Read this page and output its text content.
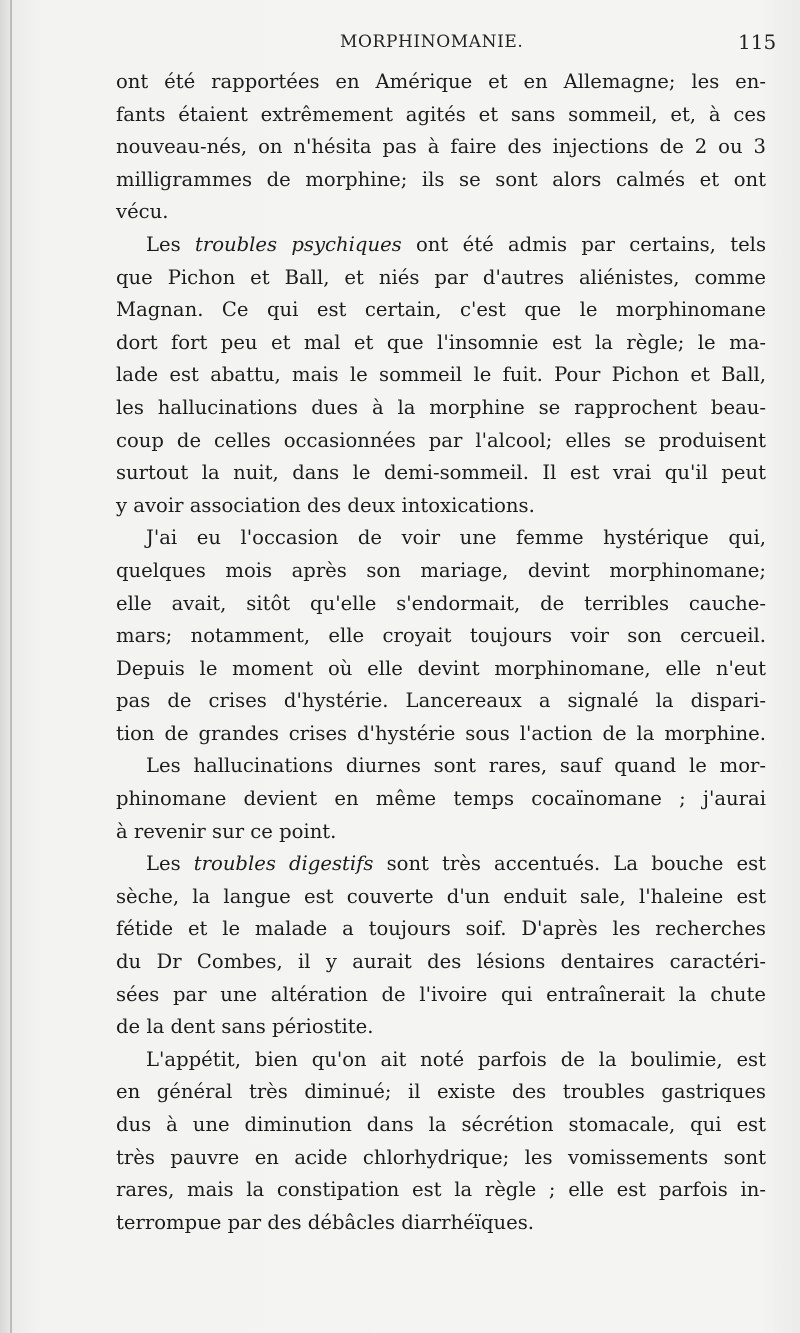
MORPHINOMANIE.	115
ont été rapportées en Amérique et en Allemagne; les en-
fants étaient extrêmement agités et sans sommeil, et, à ces
nouveau-nés, on n'hésita pas à faire des injections de 2 ou 3
milligrammes de morphine; ils se sont alors calmés et ont
vécu.
Les troubles psychiques ont été admis par certains, tels
que Pichon et Ball, et niés par d'autres aliénistes, comme
Magnan. Ce qui est certain, c'est que le morphinomane
dort fort peu et mal et que l'insomnie est la règle; le ma-
lade est abattu, mais le sommeil le fuit. Pour Pichon et Ball,
les hallucinations dues à la morphine se rapprochent beau-
coup de celles occasionnées par l'alcool; elles se produisent
surtout la nuit, dans le demi-sommeil. Il est vrai qu'il peut
y avoir association des deux intoxications.
J'ai eu l'occasion de voir une femme hystérique qui,
quelques mois après son mariage, devint morphinomane;
elle avait, sitôt qu'elle s'endormait, de terribles cauche-
mars; notamment, elle croyait toujours voir son cercueil.
Depuis le moment où elle devint morphinomane, elle n'eut
pas de crises d'hystérie. Lancereaux a signalé la dispari-
tion de grandes crises d'hystérie sous l'action de la morphine.
Les hallucinations diurnes sont rares, sauf quand le mor-
phinomane devient en même temps cocaïnomane ; j'aurai
à revenir sur ce point.
Les troubles digestifs sont très accentués. La bouche est
sèche, la langue est couverte d'un enduit sale, l'haleine est
fétide et le malade a toujours soif. D'après les recherches
du Dr Combes, il y aurait des lésions dentaires caractéri-
sées par une altération de l'ivoire qui entraînerait la chute
de la dent sans périostite.
L'appétit, bien qu'on ait noté parfois de la boulimie, est
en général très diminué; il existe des troubles gastriques
dus à une diminution dans la sécrétion stomacale, qui est
très pauvre en acide chlorhydrique; les vomissements sont
rares, mais la constipation est la règle ; elle est parfois in-
terrompue par des débâcles diarrhéïques.
